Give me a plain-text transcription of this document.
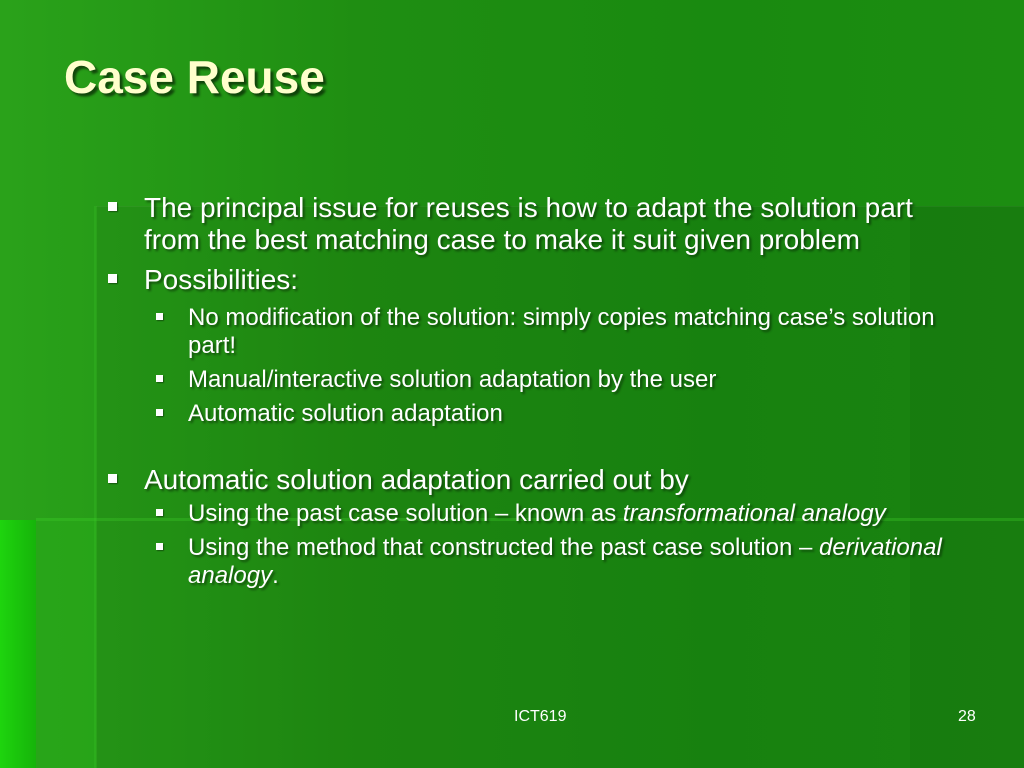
Case Reuse
The principal issue for reuses is how to adapt the solution part from the best matching case to make it suit given problem
Possibilities:
No modification of the solution: simply copies matching case’s solution part!
Manual/interactive solution adaptation by the user
Automatic solution adaptation
Automatic solution adaptation carried out by
Using the past case solution – known as transformational analogy
Using the method that constructed the past case solution – derivational analogy.
ICT619	28
